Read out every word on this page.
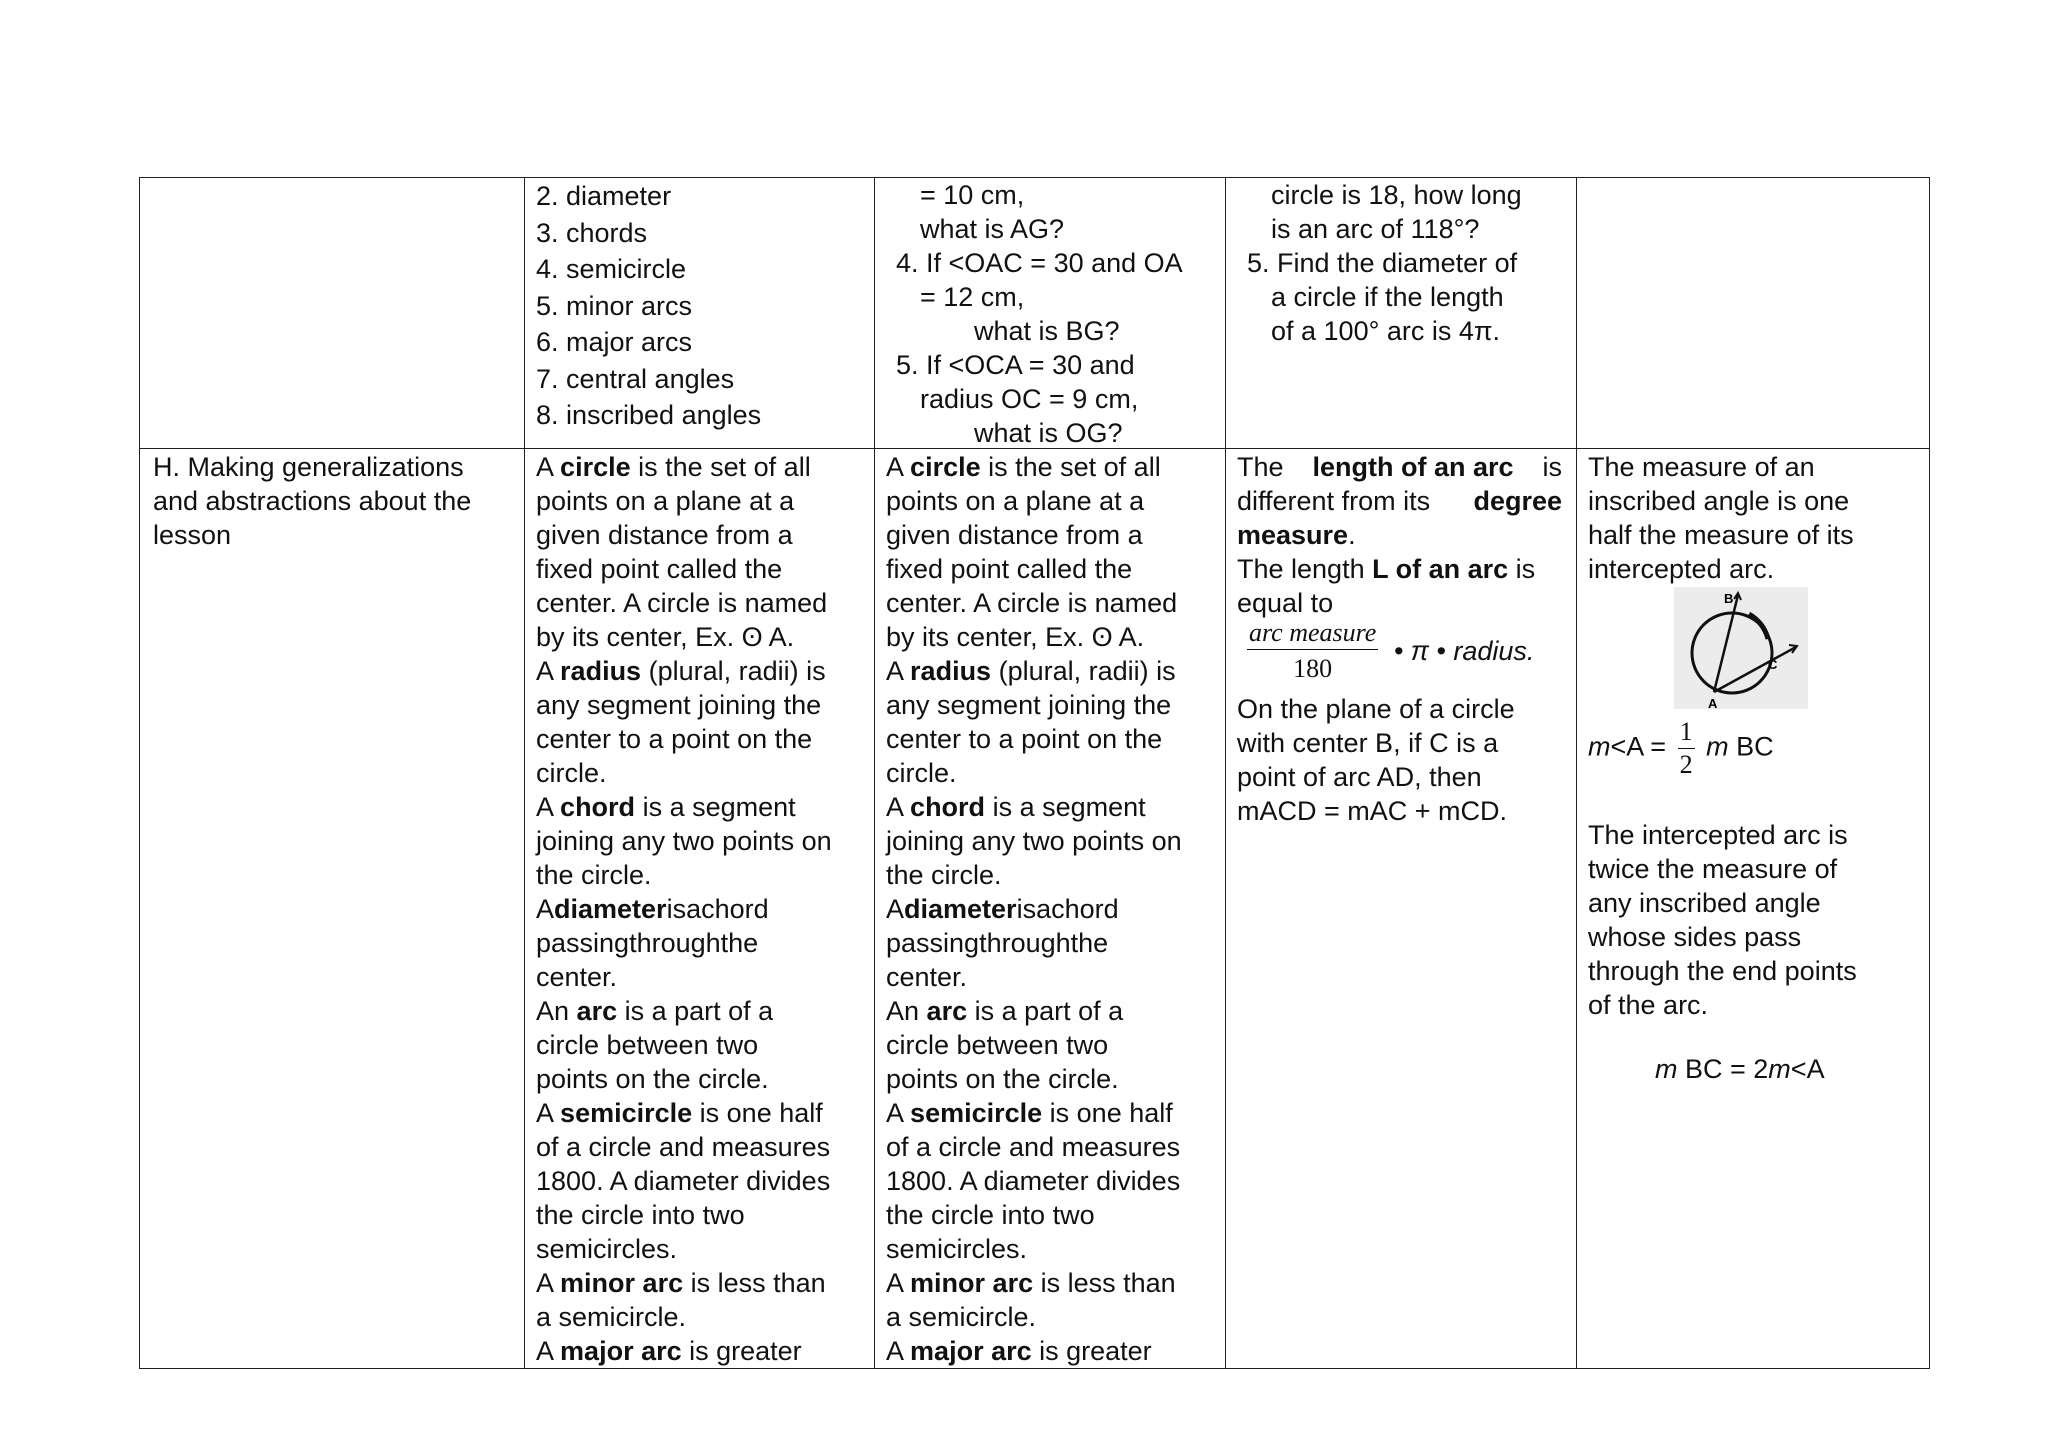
2. diameter
3. chords
4. semicircle
5. minor arcs
6. major arcs
7. central angles
8. inscribed angles
= 10 cm,
what is AG?
4. If <OAC = 30 and OA
= 12 cm,
what is BG?
5. If <OCA = 30 and
radius OC = 9 cm,
what is OG?
circle is 18, how long
is an arc of 118°?
5. Find the diameter of
a circle if the length
of a 100° arc is 4π.
H. Making generalizations
and abstractions about the
lesson
A circle is the set of all
points on a plane at a
given distance from a
fixed point called the
center. A circle is named
by its center, Ex. ʘ A.
A radius (plural, radii) is
any segment joining the
center to a point on the
circle.
A chord is a segment
joining any two points on
the circle.
Adiameterisachord
passingthroughthe
center.
An arc is a part of a
circle between two
points on the circle.
A semicircle is one half
of a circle and measures
1800. A diameter divides
the circle into two
semicircles.
A minor arc is less than
a semicircle.
A major arc is greater
A circle is the set of all
points on a plane at a
given distance from a
fixed point called the
center. A circle is named
by its center, Ex. ʘ A.
A radius (plural, radii) is
any segment joining the
center to a point on the
circle.
A chord is a segment
joining any two points on
the circle.
Adiameterisachord
passingthroughthe
center.
An arc is a part of a
circle between two
points on the circle.
A semicircle is one half
of a circle and measures
1800. A diameter divides
the circle into two
semicircles.
A minor arc is less than
a semicircle.
A major arc is greater
The length of an arc is
different from its degree
measure.
The length L of an arc is
equal to
$\frac{\text{arc measure}}{180}$ • π • radius.
On the plane of a circle
with center B, if C is a
point of arc AD, then
mACD = mAC + mCD.
The measure of an
inscribed angle is one
half the measure of its
intercepted arc.
B
C
A
$m<A = \frac{1}{2}$ m BC
The intercepted arc is
twice the measure of
any inscribed angle
whose sides pass
through the end points
of the arc.
m BC = 2m<A
